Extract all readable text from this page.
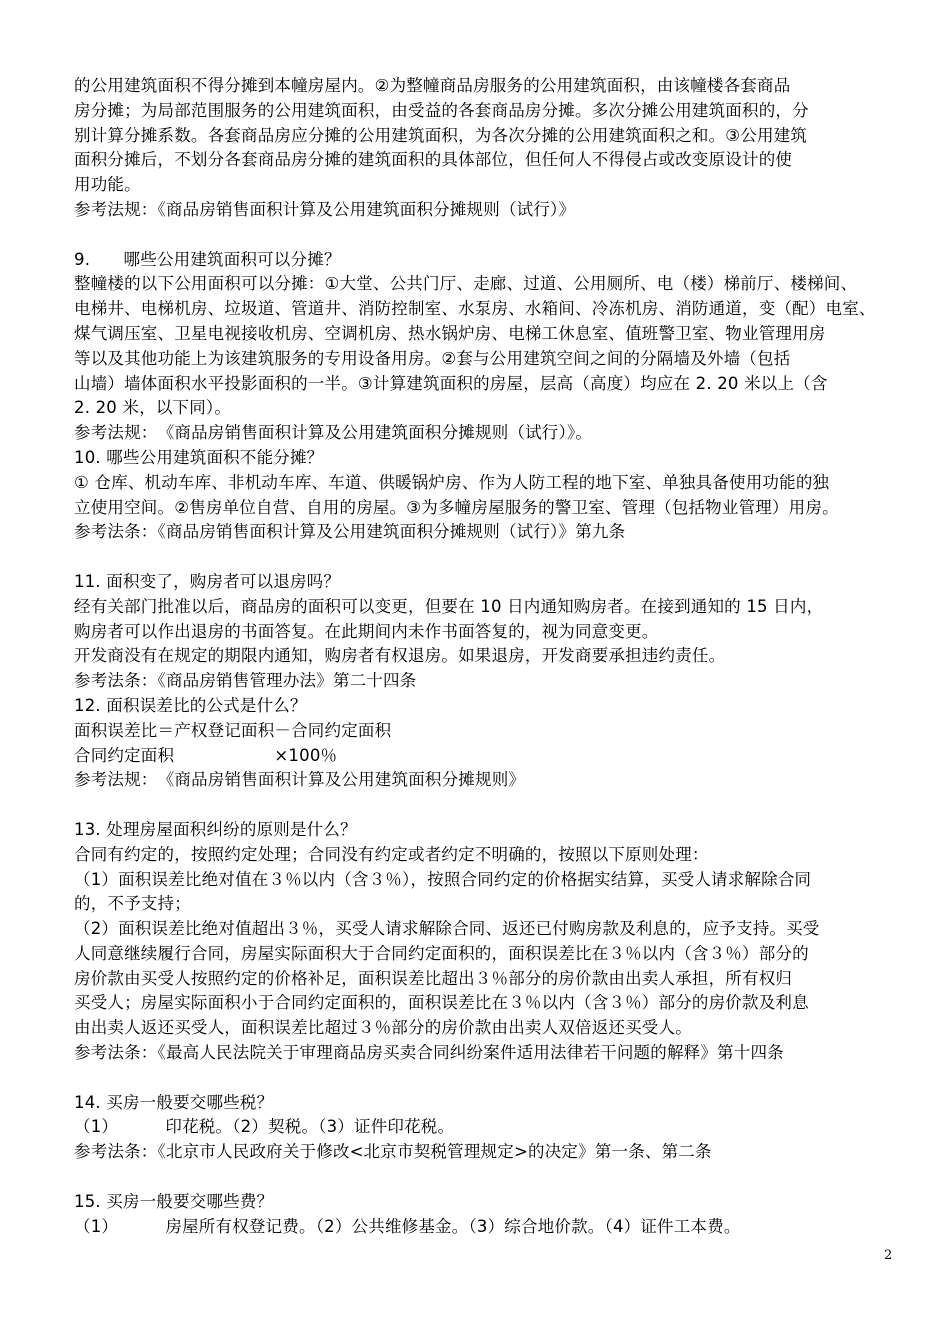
的公用建筑面积不得分摊到本幢房屋内。②为整幢商品房服务的公用建筑面积，由该幢楼各套商品
房分摊；为局部范围服务的公用建筑面积，由受益的各套商品房分摊。多次分摊公用建筑面积的，分
别计算分摊系数。各套商品房应分摊的公用建筑面积，为各次分摊的公用建筑面积之和。③公用建筑
面积分摊后，不划分各套商品房分摊的建筑面积的具体部位，但任何人不得侵占或改变原设计的使
用功能。
参考法规：《商品房销售面积计算及公用建筑面积分摊规则（试行）》
9.　　哪些公用建筑面积可以分摊？
整幢楼的以下公用面积可以分摊：①大堂、公共门厅、走廊、过道、公用厕所、电（楼）梯前厅、楼梯间、
电梯井、电梯机房、垃圾道、管道井、消防控制室、水泵房、水箱间、冷冻机房、消防通道，变（配）电室、
煤气调压室、卫星电视接收机房、空调机房、热水锅炉房、电梯工休息室、值班警卫室、物业管理用房
等以及其他功能上为该建筑服务的专用设备用房。②套与公用建筑空间之间的分隔墙及外墙（包括
山墙）墙体面积水平投影面积的一半。③计算建筑面积的房屋，层高（高度）均应在 2. 20 米以上（含
2. 20 米，以下同）。
参考法规：　《商品房销售面积计算及公用建筑面积分摊规则（试行）》。
10. 哪些公用建筑面积不能分摊？
① 仓库、机动车库、非机动车库、车道、供暖锅炉房、作为人防工程的地下室、单独具备使用功能的独
立使用空间。②售房单位自营、自用的房屋。③为多幢房屋服务的警卫室、管理（包括物业管理）用房。
参考法条：《商品房销售面积计算及公用建筑面积分摊规则（试行）》第九条
11. 面积变了，购房者可以退房吗？
经有关部门批准以后，商品房的面积可以变更，但要在 10 日内通知购房者。在接到通知的 15 日内，
购房者可以作出退房的书面答复。在此期间内未作书面答复的，视为同意变更。
开发商没有在规定的期限内通知，购房者有权退房。如果退房，开发商要承担违约责任。
参考法条：《商品房销售管理办法》第二十四条
12. 面积误差比的公式是什么？
面积误差比＝产权登记面积－合同约定面积
合同约定面积　　　　　　×100％
参考法规：　《商品房销售面积计算及公用建筑面积分摊规则》
13. 处理房屋面积纠纷的原则是什么？
合同有约定的，按照约定处理；合同没有约定或者约定不明确的，按照以下原则处理：
（1）面积误差比绝对值在３％以内（含３％），按照合同约定的价格据实结算，买受人请求解除合同
的，不予支持；
（2）面积误差比绝对值超出３％，买受人请求解除合同、返还已付购房款及利息的，应予支持。买受
人同意继续履行合同，房屋实际面积大于合同约定面积的，面积误差比在３％以内（含３％）部分的
房价款由买受人按照约定的价格补足，面积误差比超出３％部分的房价款由出卖人承担，所有权归
买受人；房屋实际面积小于合同约定面积的，面积误差比在３％以内（含３％）部分的房价款及利息
由出卖人返还买受人，面积误差比超过３％部分的房价款由出卖人双倍返还买受人。
参考法条：《最高人民法院关于审理商品房买卖合同纠纷案件适用法律若干问题的解释》第十四条
14. 买房一般要交哪些税？
（1）　　　 印花税。（2）契税。（3）证件印花税。
参考法条：《北京市人民政府关于修改<北京市契税管理规定>的决定》第一条、第二条
15. 买房一般要交哪些费？
（1）　　　 房屋所有权登记费。（2）公共维修基金。（3）综合地价款。（4）证件工本费。
2
